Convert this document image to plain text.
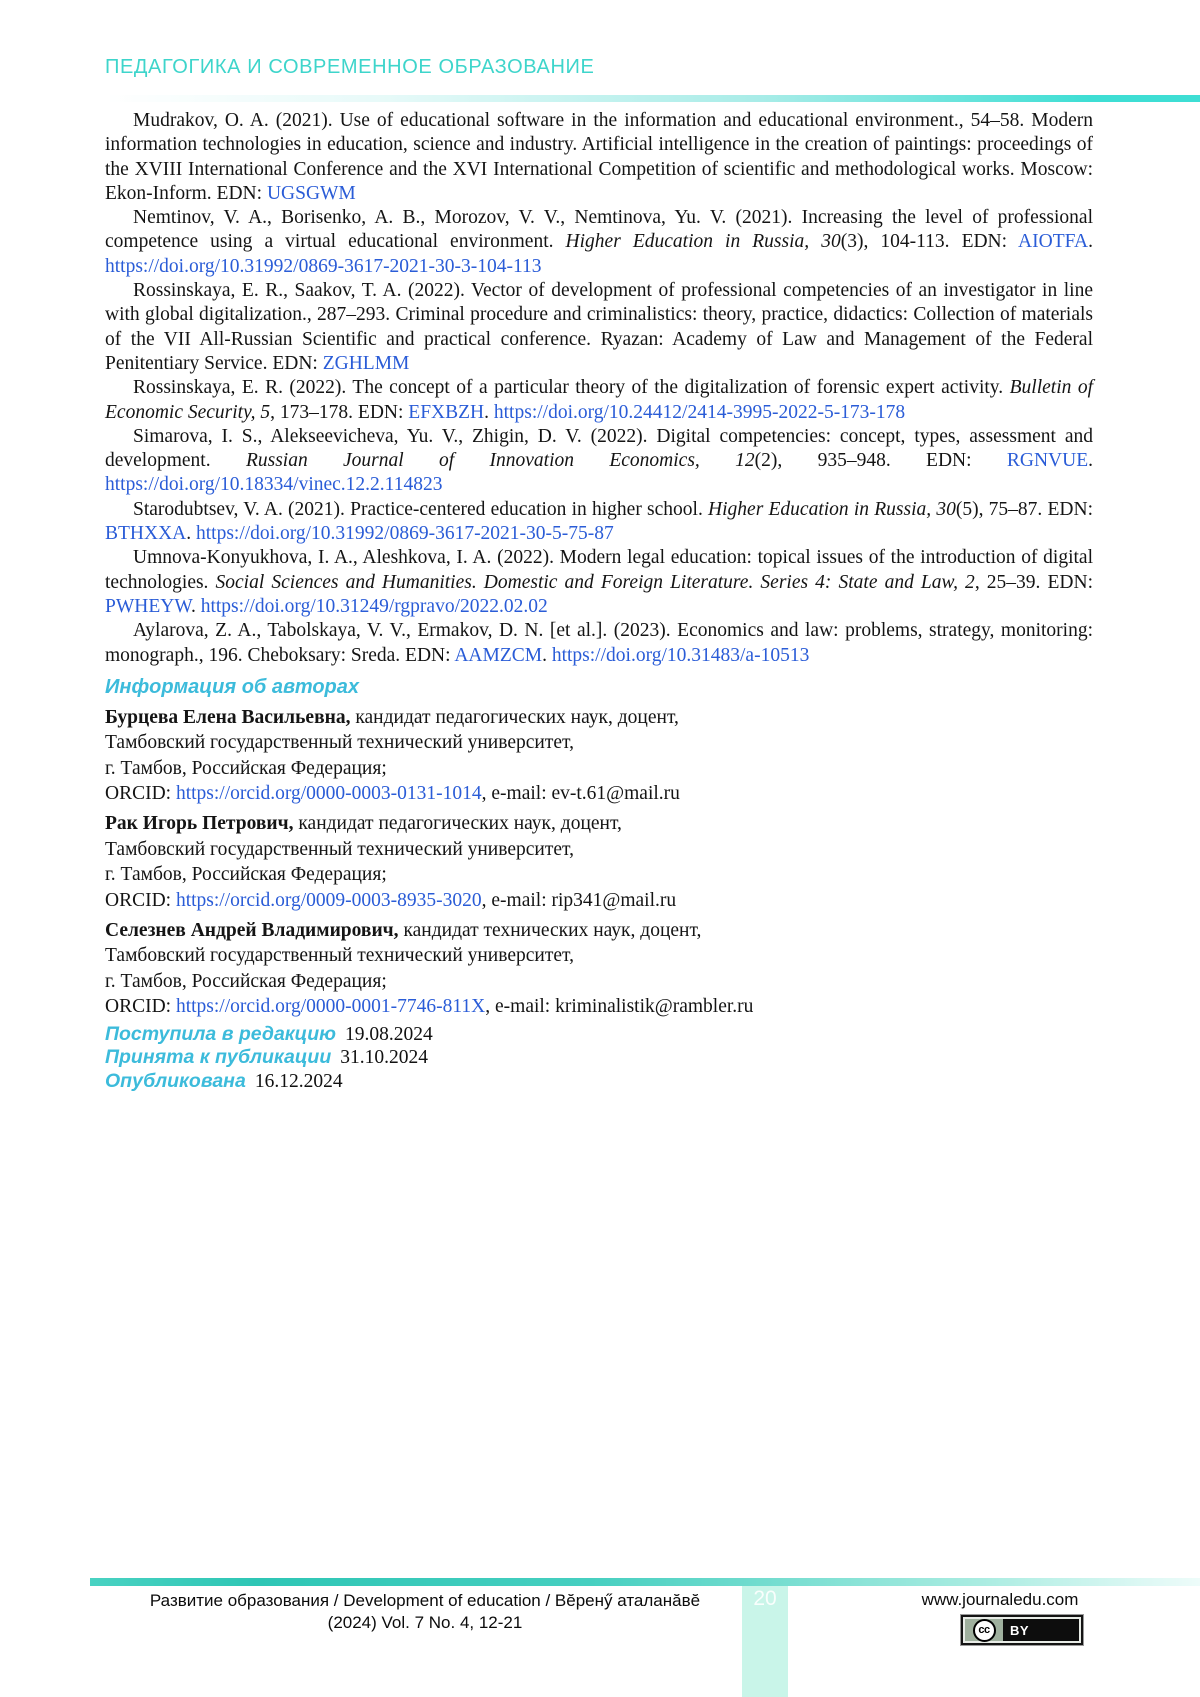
ПЕДАГОГИКА И СОВРЕМЕННОЕ ОБРАЗОВАНИЕ

Mudrakov, O. A. (2021). Use of educational software in the information and educational environment., 54–58. Modern information technologies in education, science and industry. Artificial intelligence in the creation of paintings: proceedings of the XVIII International Conference and the XVI International Competition of scientific and methodological works. Moscow: Ekon-Inform. EDN: UGSGWM

Nemtinov, V. A., Borisenko, A. B., Morozov, V. V., Nemtinova, Yu. V. (2021). Increasing the level of professional competence using a virtual educational environment. Higher Education in Russia, 30(3), 104-113. EDN: AIOTFA. https://doi.org/10.31992/0869-3617-2021-30-3-104-113

Rossinskaya, E. R., Saakov, T. A. (2022). Vector of development of professional competencies of an investigator in line with global digitalization., 287–293. Criminal procedure and criminalistics: theory, practice, didactics: Collection of materials of the VII All-Russian Scientific and practical conference. Ryazan: Academy of Law and Management of the Federal Penitentiary Service. EDN: ZGHLMM

Rossinskaya, E. R. (2022). The concept of a particular theory of the digitalization of forensic expert activity. Bulletin of Economic Security, 5, 173–178. EDN: EFXBZH. https://doi.org/10.24412/2414-3995-2022-5-173-178

Simarova, I. S., Alekseevicheva, Yu. V., Zhigin, D. V. (2022). Digital competencies: concept, types, assessment and development. Russian Journal of Innovation Economics, 12(2), 935–948. EDN: RGNVUE. https://doi.org/10.18334/vinec.12.2.114823

Starodubtsev, V. A. (2021). Practice-centered education in higher school. Higher Education in Russia, 30(5), 75–87. EDN: BTHXXA. https://doi.org/10.31992/0869-3617-2021-30-5-75-87

Umnova-Konyukhova, I. A., Aleshkova, I. A. (2022). Modern legal education: topical issues of the introduction of digital technologies. Social Sciences and Humanities. Domestic and Foreign Literature. Series 4: State and Law, 2, 25–39. EDN: PWHEYW. https://doi.org/10.31249/rgpravo/2022.02.02

Aylarova, Z. A., Tabolskaya, V. V., Ermakov, D. N. [et al.]. (2023). Economics and law: problems, strategy, monitoring: monograph., 196. Cheboksary: Sreda. EDN: AAMZCM. https://doi.org/10.31483/a-10513

Информация об авторах

Бурцева Елена Васильевна, кандидат педагогических наук, доцент,

Тамбовский государственный технический университет,

г. Тамбов, Российская Федерация;

ORCID: https://orcid.org/0000-0003-0131-1014, e-mail: ev-t.61@mail.ru

Рак Игорь Петрович, кандидат педагогических наук, доцент,

Тамбовский государственный технический университет,

г. Тамбов, Российская Федерация;

ORCID: https://orcid.org/0009-0003-8935-3020, e-mail: rip341@mail.ru

Селезнев Андрей Владимирович, кандидат технических наук, доцент,

Тамбовский государственный технический университет,

г. Тамбов, Российская Федерация;

ORCID: https://orcid.org/0000-0001-7746-811X, e-mail: kriminalistik@rambler.ru

Поступила в редакцию 19.08.2024

Принята к публикации 31.10.2024

Опубликована 16.12.2024

20
Развитие образования / Development of education / Вĕренӳ аталанăвĕ
(2024) Vol. 7 No. 4, 12-21
www.journaledu.com
cc	BY
